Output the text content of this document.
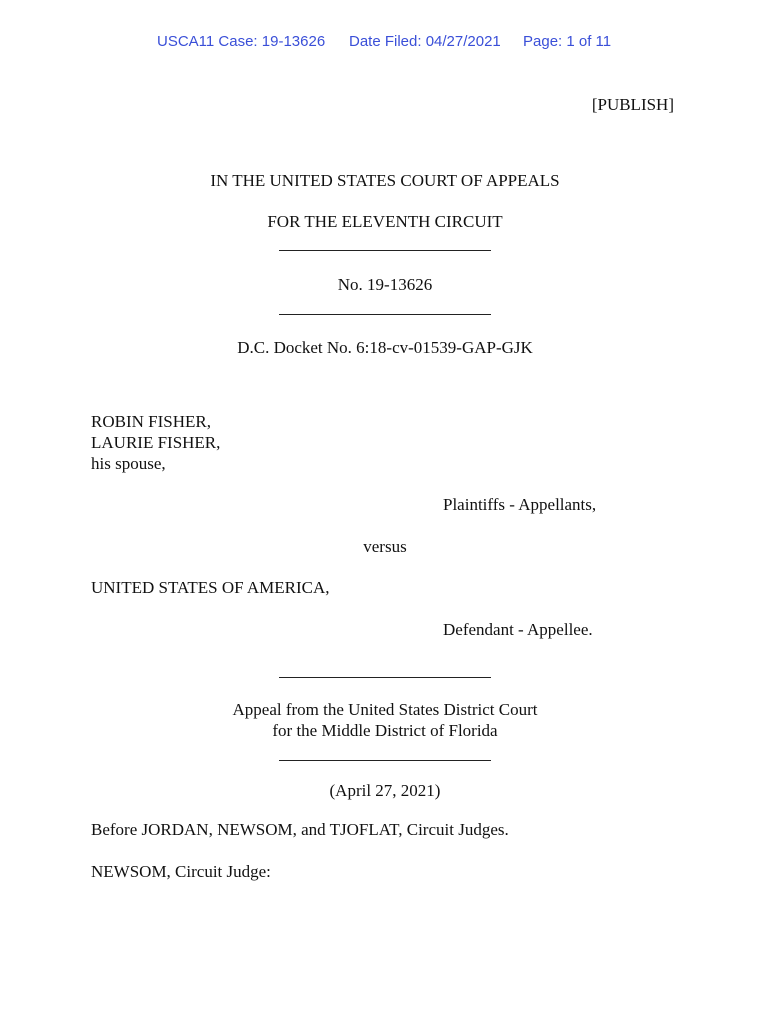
USCA11 Case: 19-13626 Date Filed: 04/27/2021 Page: 1 of 11
[PUBLISH]
IN THE UNITED STATES COURT OF APPEALS
FOR THE ELEVENTH CIRCUIT
No. 19-13626
D.C. Docket No. 6:18-cv-01539-GAP-GJK
ROBIN FISHER,
LAURIE FISHER,
his spouse,
Plaintiffs - Appellants,
versus
UNITED STATES OF AMERICA,
Defendant - Appellee.
Appeal from the United States District Court
for the Middle District of Florida
(April 27, 2021)
Before JORDAN, NEWSOM, and TJOFLAT, Circuit Judges.
NEWSOM, Circuit Judge:
